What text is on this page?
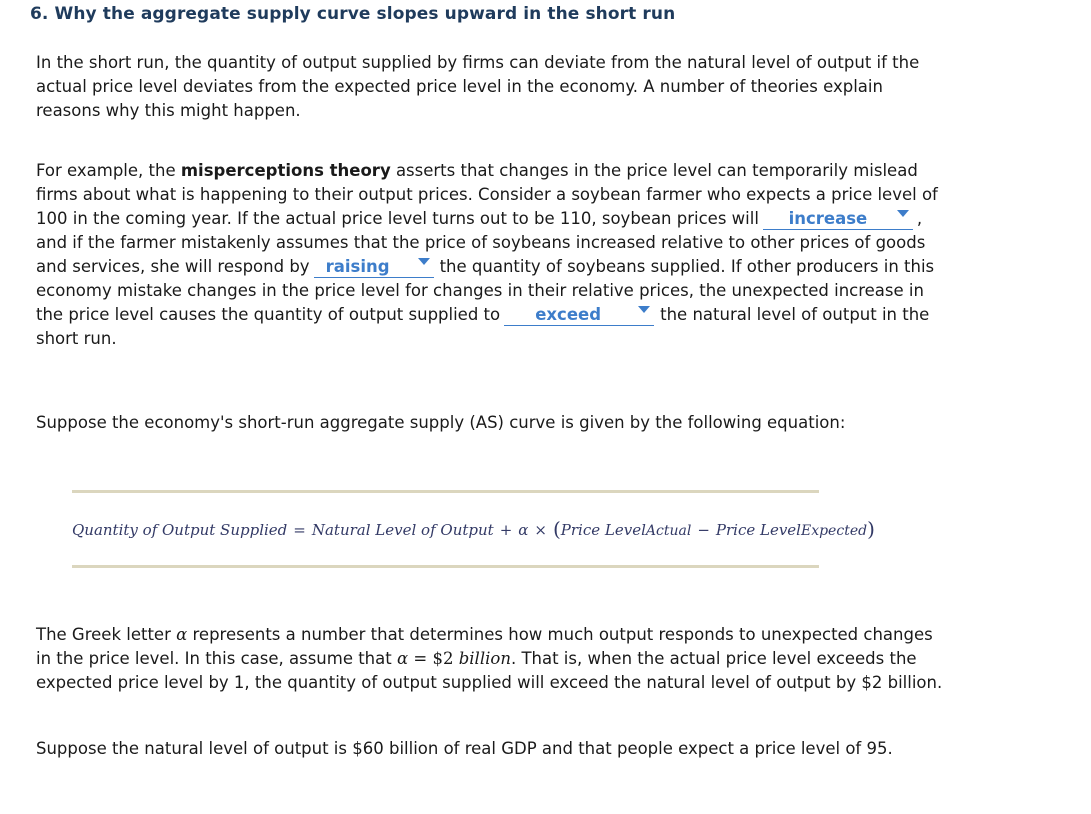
6. Why the aggregate supply curve slopes upward in the short run
In the short run, the quantity of output supplied by firms can deviate from the natural level of output if the actual price level deviates from the expected price level in the economy. A number of theories explain reasons why this might happen.
For example, the misperceptions theory asserts that changes in the price level can temporarily mislead firms about what is happening to their output prices. Consider a soybean farmer who expects a price level of 100 in the coming year. If the actual price level turns out to be 110, soybean prices will increase	, and if the farmer mistakenly assumes that the price of soybeans increased relative to other prices of goods and services, she will respond by raising	the quantity of soybeans supplied. If other producers in this economy mistake changes in the price level for changes in their relative prices, the unexpected increase in the price level causes the quantity of output supplied to exceed	the natural level of output in the short run.
Suppose the economy's short-run aggregate supply (AS) curve is given by the following equation:
Quantity of Output Supplied = Natural Level of Output + α × (Price LevelActual − Price LevelExpected)
The Greek letter α represents a number that determines how much output responds to unexpected changes in the price level. In this case, assume that α = $2 billion. That is, when the actual price level exceeds the expected price level by 1, the quantity of output supplied will exceed the natural level of output by $2 billion.
Suppose the natural level of output is $60 billion of real GDP and that people expect a price level of 95.
